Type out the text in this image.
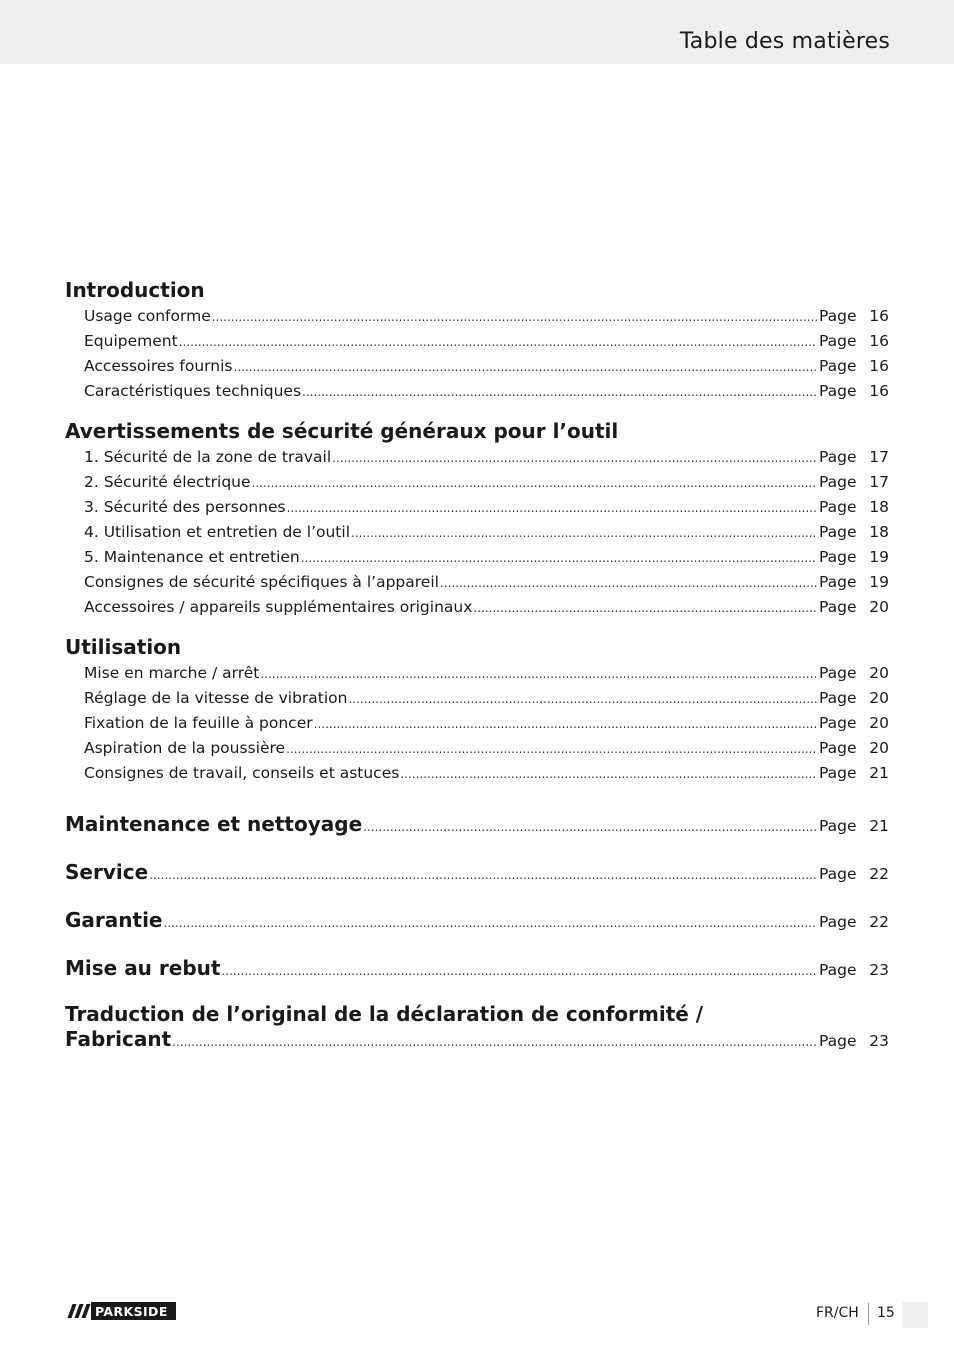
Table des matières
Introduction
Usage conforme .....	Page 16
Equipement .....	Page 16
Accessoires fournis .....	Page 16
Caractéristiques techniques .....	Page 16
Avertissements de sécurité généraux pour l’outil
1. Sécurité de la zone de travail .....	Page 17
2. Sécurité électrique .....	Page 17
3. Sécurité des personnes .....	Page 18
4. Utilisation et entretien de l’outil .....	Page 18
5. Maintenance et entretien .....	Page 19
Consignes de sécurité spécifiques à l’appareil .....	Page 19
Accessoires / appareils supplémentaires originaux .....	Page 20
Utilisation
Mise en marche / arrêt .....	Page 20
Réglage de la vitesse de vibration .....	Page 20
Fixation de la feuille à poncer .....	Page 20
Aspiration de la poussière .....	Page 20
Consignes de travail, conseils et astuces .....	Page 21
Maintenance et nettoyage .....	Page 21
Service .....	Page 22
Garantie .....	Page 22
Mise au rebut .....	Page 23
Traduction de l’original de la déclaration de conformité /
Fabricant .....	Page 23
PARKSIDE	FR/CH 15
